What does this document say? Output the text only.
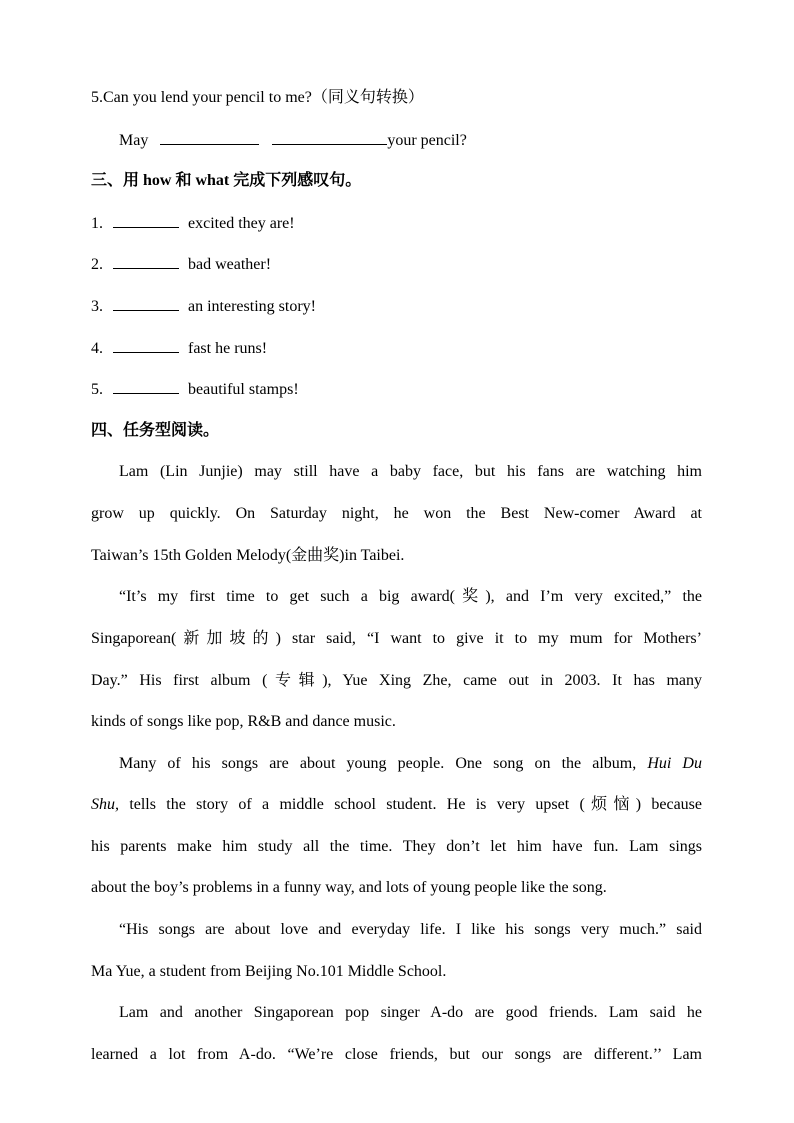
5.Can you lend your pencil to me?（同义句转换）
May	your pencil?
三、用 how 和 what 完成下列感叹句。
1.	excited they are!
2.	bad weather!
3.	an interesting story!
4.	fast he runs!
5.	beautiful stamps!
四、任务型阅读。
Lam (Lin Junjie) may still have a baby face, but his fans are watching him
grow up quickly. On Saturday night, he won the Best New-comer Award at
Taiwan’s 15th Golden Melody(金曲奖)in Taibei.
“It’s my first time to get such a big award(奖), and I’m very excited,” the
Singaporean(新加坡的) star said, “I want to give it to my mum for Mothers’
Day.” His first album (专辑), Yue Xing Zhe, came out in 2003. It has many
kinds of songs like pop, R&B and dance music.
Many of his songs are about young people. One song on the album, Hui Du
Shu, tells the story of a middle school student. He is very upset (烦恼) because
his parents make him study all the time. They don’t let him have fun. Lam sings
about the boy’s problems in a funny way, and lots of young people like the song.
“His songs are about love and everyday life. I like his songs very much.” said
Ma Yue, a student from Beijing No.101 Middle School.
Lam and another Singaporean pop singer A-do are good friends. Lam said he
learned a lot from A-do. “We’re close friends, but our songs are different.’’ Lam
